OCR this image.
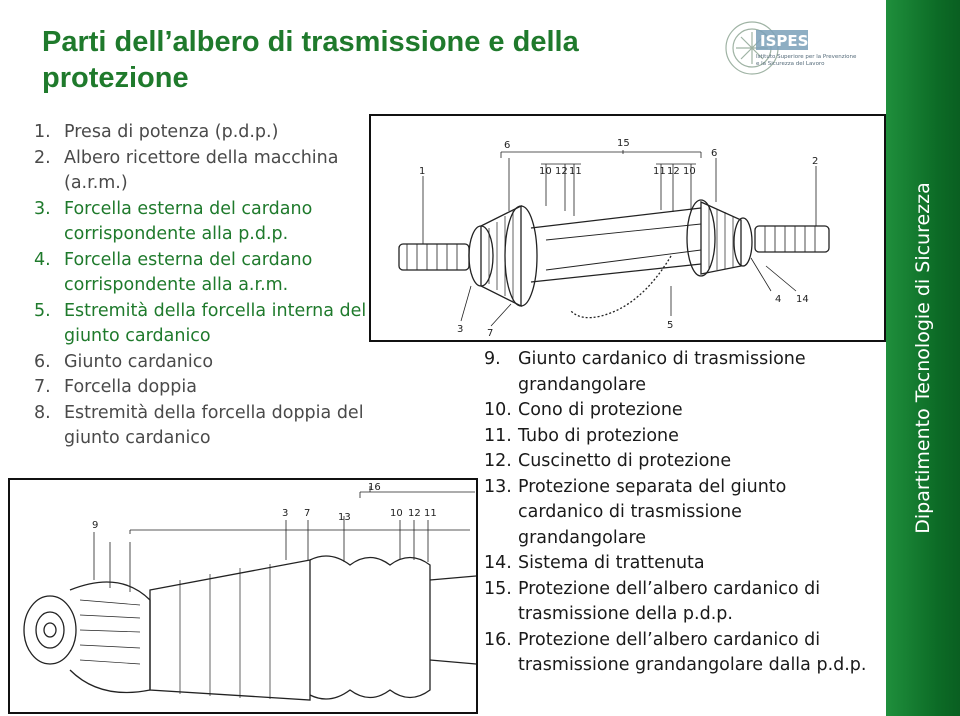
Parti dell’albero di trasmissione e della protezione
ISPESL
Istituto Superiore per la Prevenzione
e la Sicurezza del Lavoro
Dipartimento Tecnologie di Sicurezza
1. Presa di potenza (p.d.p.)
2. Albero ricettore della macchina (a.r.m.)
3. Forcella esterna del cardano corrispondente alla p.d.p.
4. Forcella esterna del cardano corrispondente alla a.r.m.
5. Estremità della forcella interna del giunto cardanico
6. Giunto cardanico
7. Forcella doppia
8. Estremità della forcella doppia del giunto cardanico
1
6	15
10 12 11	11 12 10
6
2
4 14
5
3 7
9
16
3 7	13	10 12 11
9. Giunto cardanico di trasmissione grandangolare
10. Cono di protezione
11. Tubo di protezione
12. Cuscinetto di protezione
13. Protezione separata del giunto cardanico di trasmissione grandangolare
14. Sistema di trattenuta
15. Protezione dell’albero cardanico di trasmissione della p.d.p.
16. Protezione dell’albero cardanico di trasmissione grandangolare dalla p.d.p.
